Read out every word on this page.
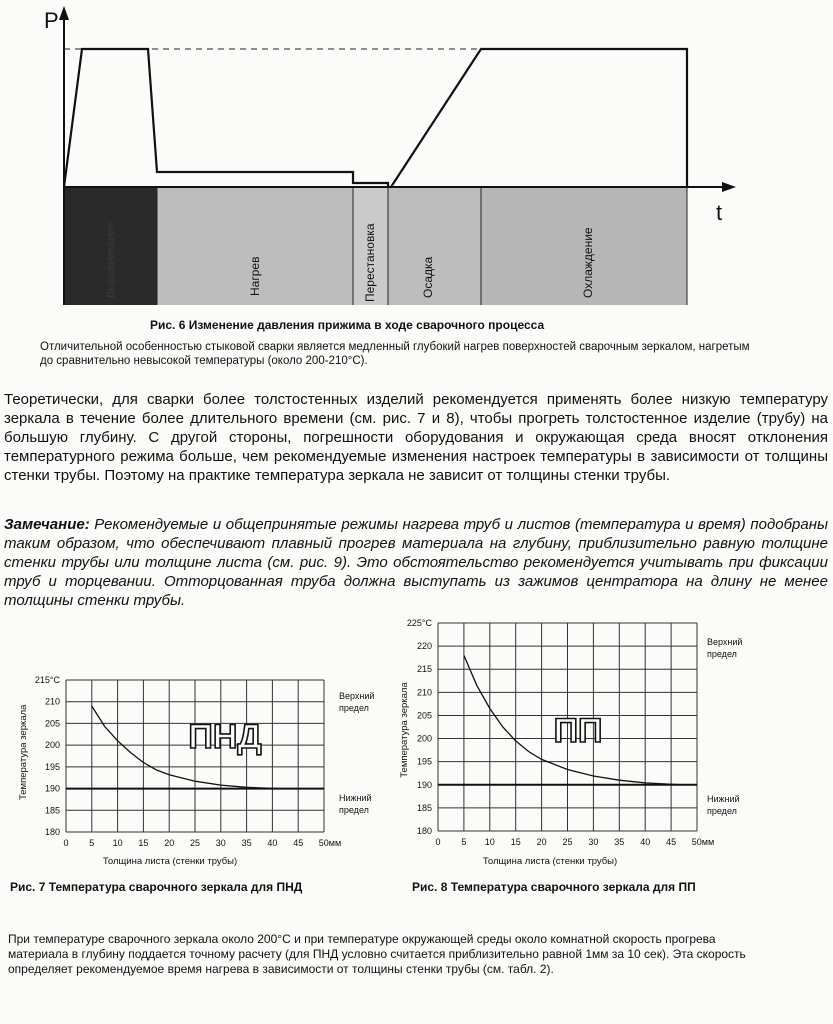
P
t
Выравнивание	Нагрев	Перестановка	Осадка	Охлаждение
Рис. 6 Изменение давления прижима в ходе сварочного процесса
Отличительной особенностью стыковой сварки является медленный глубокий нагрев поверхностей сварочным зеркалом, нагретым до сравнительно невысокой температуры (около 200-210°С).
Теоретически, для сварки более толстостенных изделий рекомендуется применять более низкую температуру зеркала в течение более длительного времени (см. рис. 7 и 8), чтобы прогреть толстостенное изделие (трубу) на большую глубину. С другой стороны, погрешности оборудования и окружающая среда вносят отклонения температурного режима больше, чем рекомендуемые изменения настроек температуры в зависимости от толщины стенки трубы. Поэтому на практике температура зеркала не зависит от толщины стенки трубы.
Замечание: Рекомендуемые и общепринятые режимы нагрева труб и листов (температура и время) подобраны таким образом, что обеспечивают плавный прогрев материала на глубину, приблизительно равную толщине стенки трубы или толщине листа (см. рис. 9). Это обстоятельство рекомендуется учитывать при фиксации труб и торцевании. Отторцованная труба должна выступать из зажимов центратора на длину не менее толщины стенки трубы.
0 5 10 15 20 25 30 35 40 45 50мм
180
185
190
195
200
205
210
215°C
ПНД
Верхний предел
Нижний предел
Температура зеркала
Толщина листа (стенки трубы)
0 5 10 15 20 25 30 35 40 45 50мм
180
185
190
195
200
205
210
215
220
225°C
ПП
Верхний предел
Нижний предел
Температура зеркала
Толщина листа (стенки трубы)
Рис. 7 Температура сварочного зеркала для ПНД	Рис. 8 Температура сварочного зеркала для ПП
При температуре сварочного зеркала около 200°С и при температуре окружающей среды около комнатной скорость прогрева материала в глубину поддается точному расчету (для ПНД условно считается приблизительно равной 1мм за 10 сек). Эта скорость определяет рекомендуемое время нагрева в зависимости от толщины стенки трубы (см. табл. 2).
